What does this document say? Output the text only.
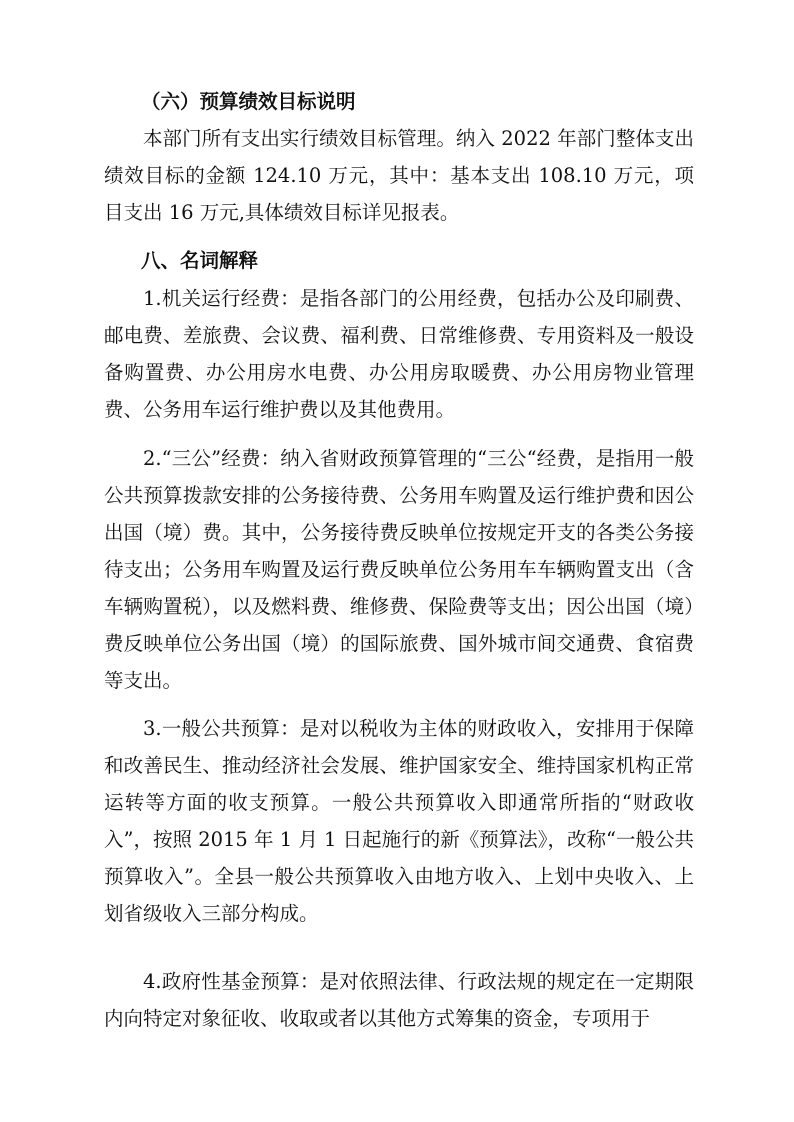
（六）预算绩效目标说明

本部门所有支出实行绩效目标管理。纳入 2022 年部门整体支出绩效目标的金额 124.10 万元，其中：基本支出 108.10 万元，项目支出 16 万元,具体绩效目标详见报表。

八、名词解释

1.机关运行经费：是指各部门的公用经费，包括办公及印刷费、邮电费、差旅费、会议费、福利费、日常维修费、专用资料及一般设备购置费、办公用房水电费、办公用房取暖费、办公用房物业管理费、公务用车运行维护费以及其他费用。

2.“三公”经费：纳入省财政预算管理的“三公“经费，是指用一般公共预算拨款安排的公务接待费、公务用车购置及运行维护费和因公出国（境）费。其中，公务接待费反映单位按规定开支的各类公务接待支出；公务用车购置及运行费反映单位公务用车车辆购置支出（含车辆购置税），以及燃料费、维修费、保险费等支出；因公出国（境）费反映单位公务出国（境）的国际旅费、国外城市间交通费、食宿费等支出。

3.一般公共预算：是对以税收为主体的财政收入，安排用于保障和改善民生、推动经济社会发展、维护国家安全、维持国家机构正常运转等方面的收支预算。一般公共预算收入即通常所指的“财政收入”，按照 2015 年 1 月 1 日起施行的新《预算法》，改称“一般公共预算收入”。全县一般公共预算收入由地方收入、上划中央收入、上划省级收入三部分构成。

4.政府性基金预算：是对依照法律、行政法规的规定在一定期限内向特定对象征收、收取或者以其他方式筹集的资金，专项用于
